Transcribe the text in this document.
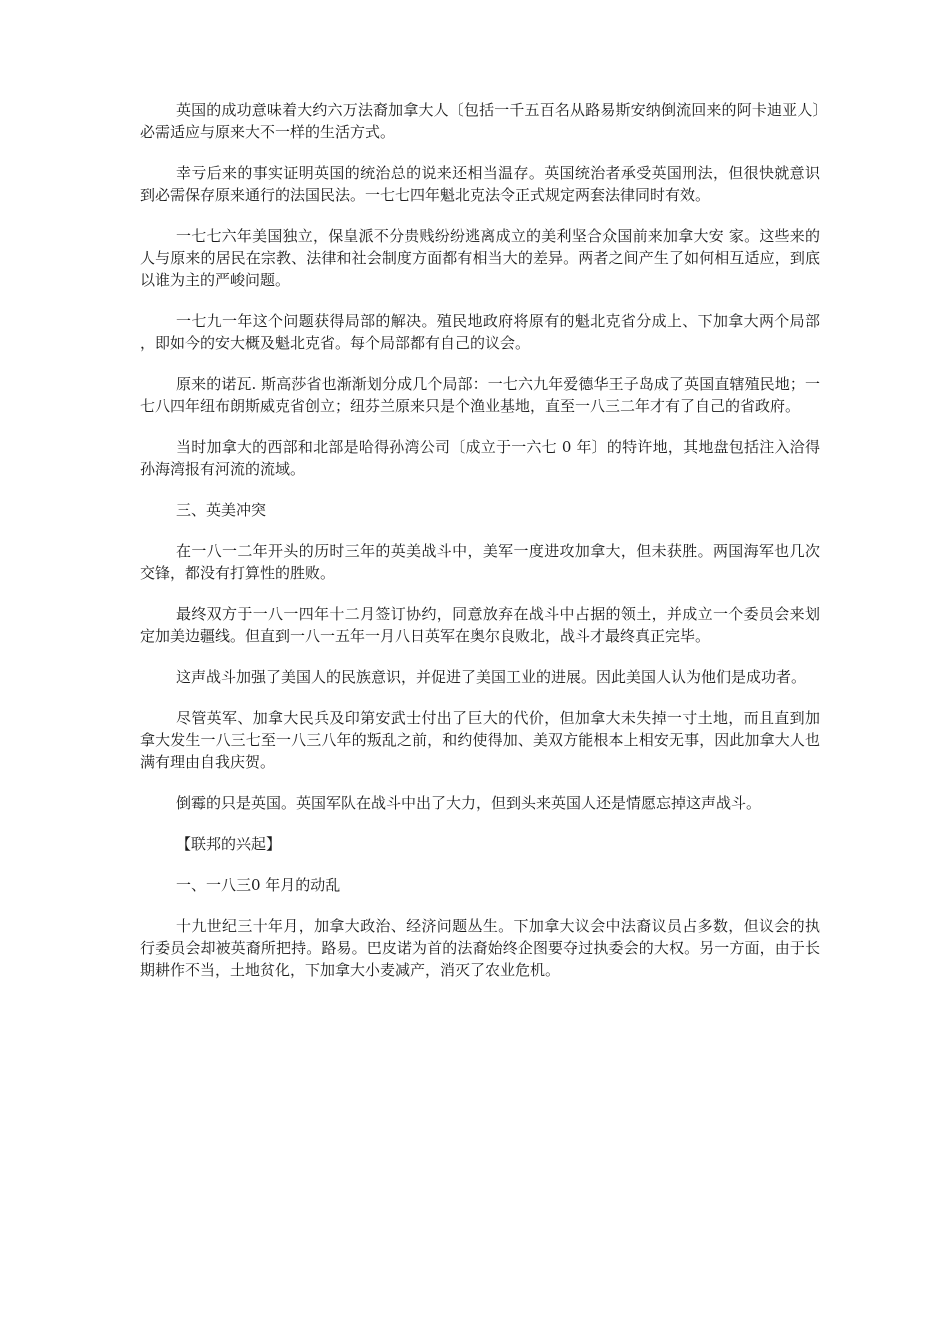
英国的成功意味着大约六万法裔加拿大人〔包括一千五百名从路易斯安纳倒流回来的阿卡迪亚人〕必需适应与原来大不一样的生活方式。

幸亏后来的事实证明英国的统治总的说来还相当温存。英国统治者承受英国刑法，但很快就意识到必需保存原来通行的法国民法。一七七四年魁北克法令正式规定两套法律同时有效。

一七七六年美国独立，保皇派不分贵贱纷纷逃离成立的美利坚合众国前来加拿大安 家。这些来的人与原来的居民在宗教、法律和社会制度方面都有相当大的差异。两者之间产生了如何相互适应，到底以谁为主的严峻问题。

一七九一年这个问题获得局部的解决。殖民地政府将原有的魁北克省分成上、下加拿大两个局部 ，即如今的安大概及魁北克省。每个局部都有自己的议会。

原来的诺瓦. 斯高莎省也渐渐划分成几个局部：一七六九年爱德华王子岛成了英国直辖殖民地；一七八四年纽布朗斯威克省创立；纽芬兰原来只是个渔业基地，直至一八三二年才有了自己的省政府。

当时加拿大的西部和北部是哈得孙湾公司〔成立于一六七 0 年〕的特许地，其地盘包括注入洽得孙海湾报有河流的流域。

三、英美冲突

在一八一二年开头的历时三年的英美战斗中，美军一度进攻加拿大，但未获胜。两国海军也几次交锋，都没有打算性的胜败。

最终双方于一八一四年十二月签订协约，同意放弃在战斗中占据的领土，并成立一个委员会来划定加美边疆线。但直到一八一五年一月八日英军在奥尔良败北，战斗才最终真正完毕。

这声战斗加强了美国人的民族意识，并促进了美国工业的进展。因此美国人认为他们是成功者。

尽管英军、加拿大民兵及印第安武士付出了巨大的代价，但加拿大未失掉一寸土地，而且直到加拿大发生一八三七至一八三八年的叛乱之前，和约使得加、美双方能根本上相安无事，因此加拿大人也满有理由自我庆贺。

倒霉的只是英国。英国军队在战斗中出了大力，但到头来英国人还是情愿忘掉这声战斗。

【联邦的兴起】

一、一八三0 年月的动乱

十九世纪三十年月，加拿大政治、经济问题丛生。下加拿大议会中法裔议员占多数，但议会的执行委员会却被英裔所把持。路易。巴皮诺为首的法裔始终企图要夺过执委会的大权。另一方面，由于长期耕作不当，土地贫化，下加拿大小麦减产，消灭了农业危机。
